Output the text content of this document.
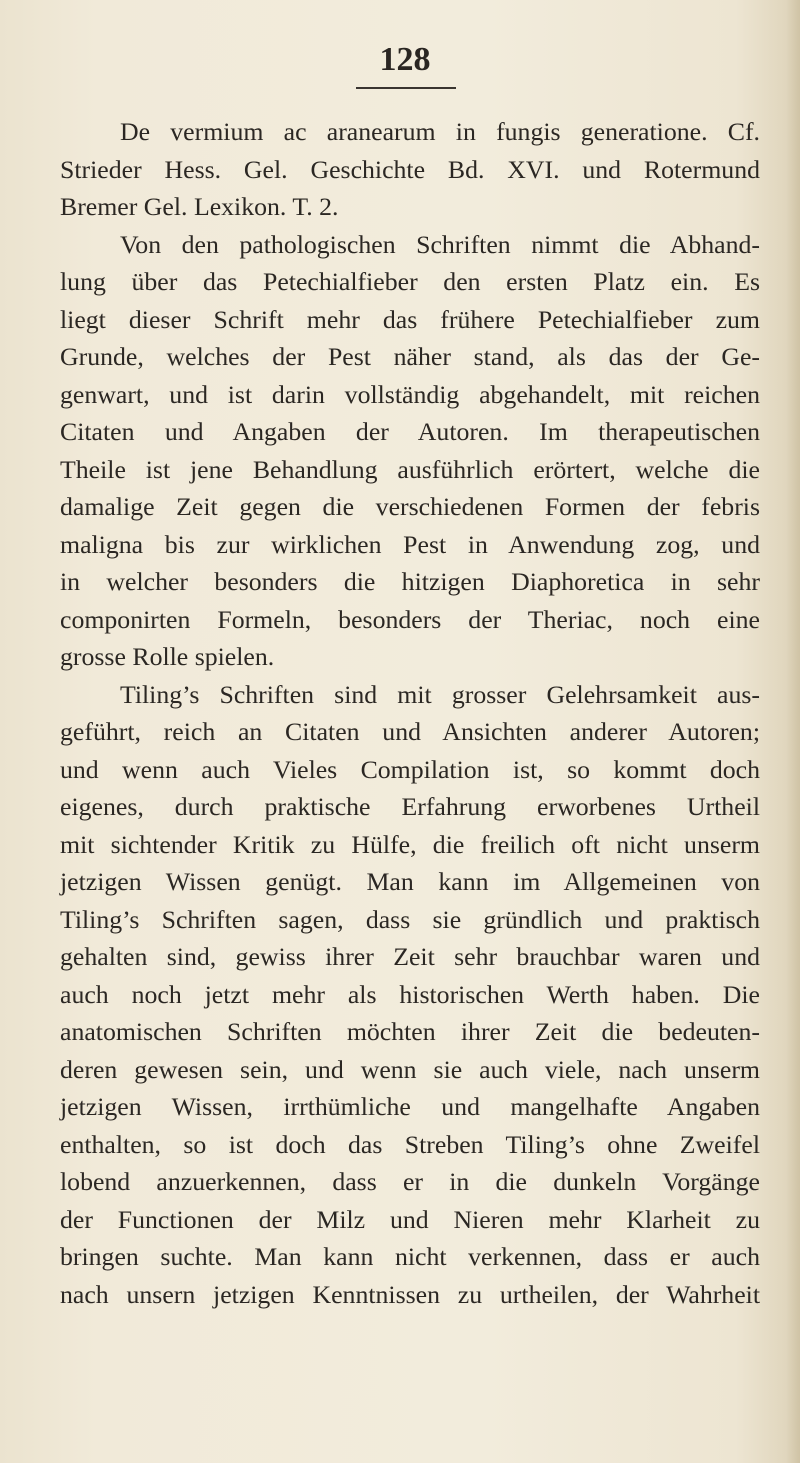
128
De vermium ac aranearum in fungis generatione. Cf.
Strieder Hess. Gel. Geschichte Bd. XVI. und Rotermund
Bremer Gel. Lexikon. T. 2.
Von den pathologischen Schriften nimmt die Abhand-
lung über das Petechialfieber den ersten Platz ein. Es
liegt dieser Schrift mehr das frühere Petechialfieber zum
Grunde, welches der Pest näher stand, als das der Ge-
genwart, und ist darin vollständig abgehandelt, mit reichen
Citaten und Angaben der Autoren. Im therapeutischen
Theile ist jene Behandlung ausführlich erörtert, welche die
damalige Zeit gegen die verschiedenen Formen der febris
maligna bis zur wirklichen Pest in Anwendung zog, und
in welcher besonders die hitzigen Diaphoretica in sehr
componirten Formeln, besonders der Theriac, noch eine
grosse Rolle spielen.
Tiling’s Schriften sind mit grosser Gelehrsamkeit aus-
geführt, reich an Citaten und Ansichten anderer Autoren;
und wenn auch Vieles Compilation ist, so kommt doch
eigenes, durch praktische Erfahrung erworbenes Urtheil
mit sichtender Kritik zu Hülfe, die freilich oft nicht unserm
jetzigen Wissen genügt. Man kann im Allgemeinen von
Tiling’s Schriften sagen, dass sie gründlich und praktisch
gehalten sind, gewiss ihrer Zeit sehr brauchbar waren und
auch noch jetzt mehr als historischen Werth haben. Die
anatomischen Schriften möchten ihrer Zeit die bedeuten-
deren gewesen sein, und wenn sie auch viele, nach unserm
jetzigen Wissen, irrthümliche und mangelhafte Angaben
enthalten, so ist doch das Streben Tiling’s ohne Zweifel
lobend anzuerkennen, dass er in die dunkeln Vorgänge
der Functionen der Milz und Nieren mehr Klarheit zu
bringen suchte. Man kann nicht verkennen, dass er auch
nach unsern jetzigen Kenntnissen zu urtheilen, der Wahrheit
